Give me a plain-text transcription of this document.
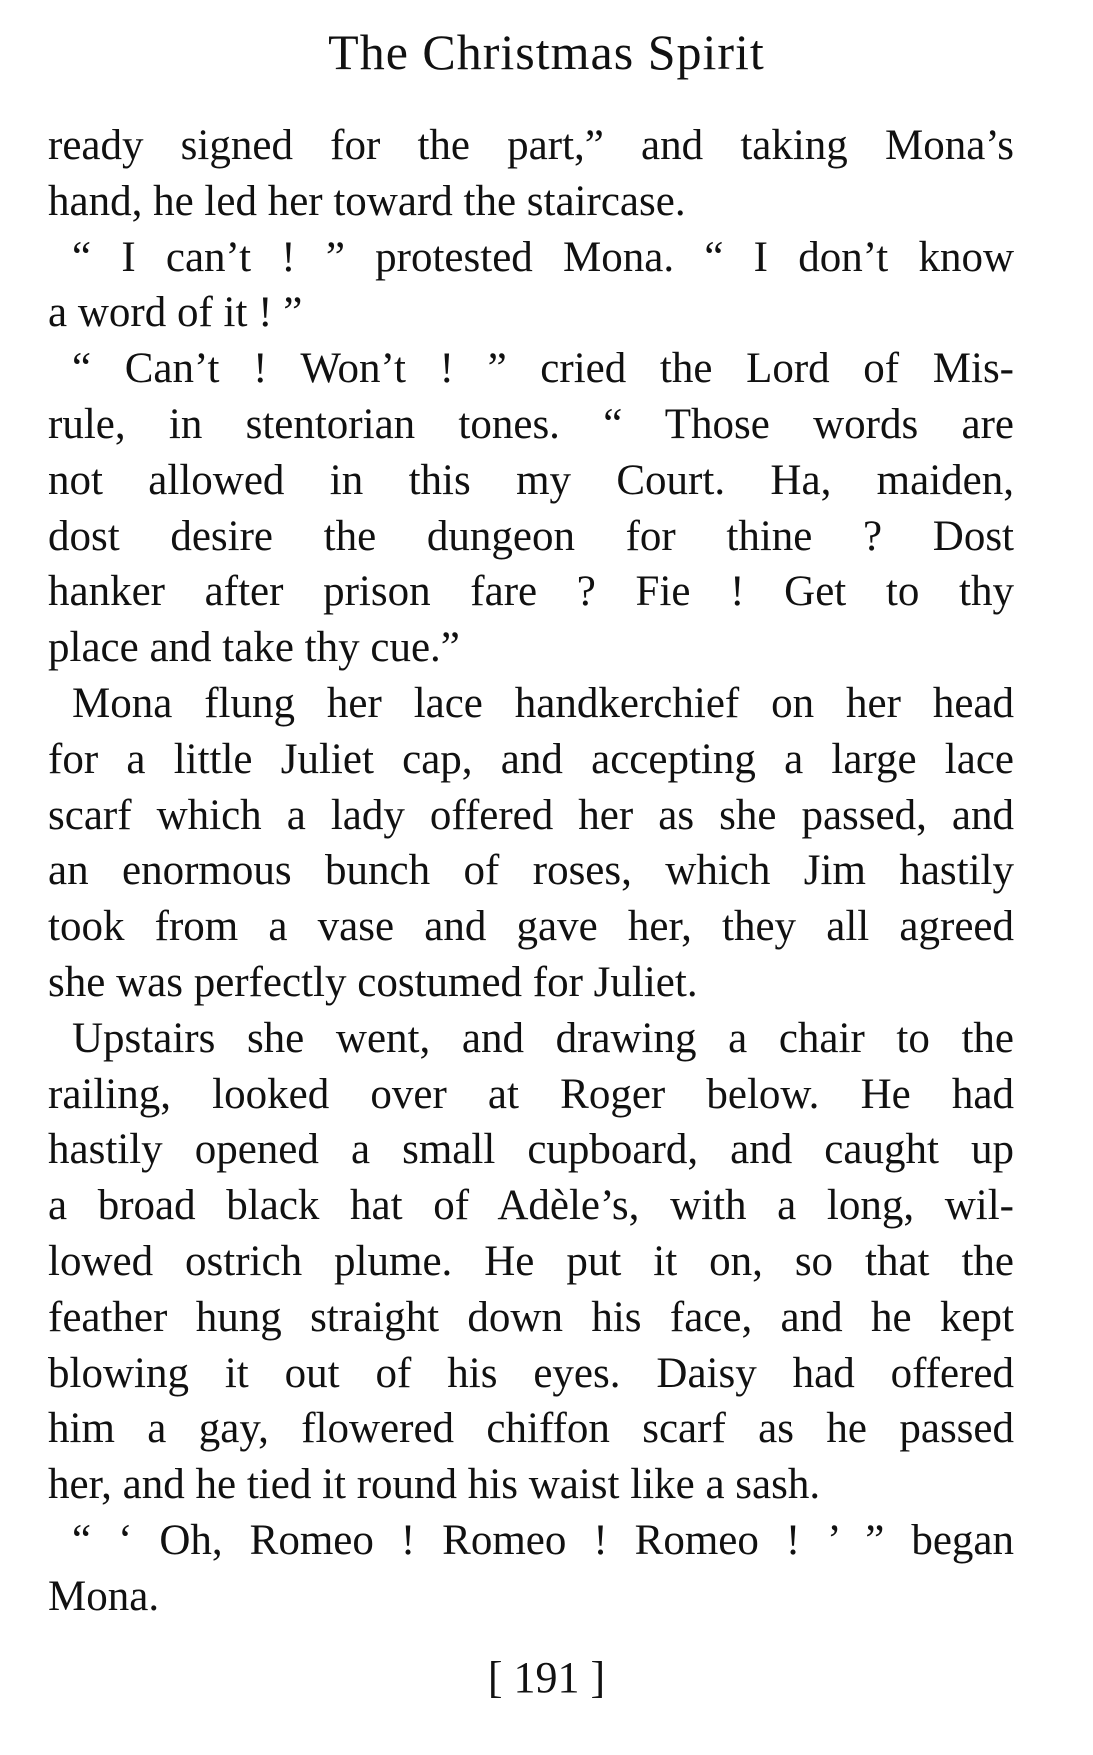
The Christmas Spirit
ready signed for the part,” and taking Mona’s
hand, he led her toward the staircase.
“ I can’t ! ” protested Mona. “ I don’t know
a word of it ! ”
“ Can’t ! Won’t ! ” cried the Lord of Mis-
rule, in stentorian tones. “ Those words are
not allowed in this my Court. Ha, maiden,
dost desire the dungeon for thine ? Dost
hanker after prison fare ? Fie ! Get to thy
place and take thy cue.”
Mona flung her lace handkerchief on her head
for a little Juliet cap, and accepting a large lace
scarf which a lady offered her as she passed, and
an enormous bunch of roses, which Jim hastily
took from a vase and gave her, they all agreed
she was perfectly costumed for Juliet.
Upstairs she went, and drawing a chair to the
railing, looked over at Roger below. He had
hastily opened a small cupboard, and caught up
a broad black hat of Adèle’s, with a long, wil-
lowed ostrich plume. He put it on, so that the
feather hung straight down his face, and he kept
blowing it out of his eyes. Daisy had offered
him a gay, flowered chiffon scarf as he passed
her, and he tied it round his waist like a sash.
“ ‘ Oh, Romeo ! Romeo ! Romeo ! ’ ” began
Mona.
[ 191 ]
